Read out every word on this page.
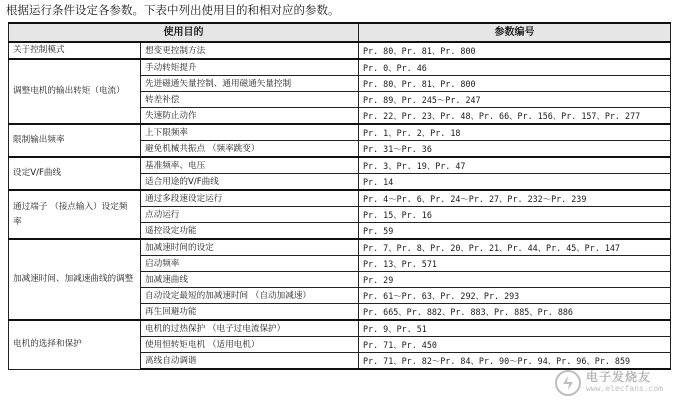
根据运行条件设定各参数。下表中列出使用目的和相对应的参数。
使用目的		参数编号
关于控制模式	想变更控制方法	Pr. 80、Pr. 81、Pr. 800
调整电机的输出转矩（电流）	手动转矩提升	Pr. 0、Pr. 46
	先进磁通矢量控制、通用磁通矢量控制	Pr. 80、Pr. 81、Pr. 800
	转差补偿	Pr. 89、Pr. 245～Pr. 247
	失速防止动作	Pr. 22、Pr. 23、Pr. 48、Pr. 66、Pr. 156、Pr. 157、Pr. 277
限制输出频率	上下限频率	Pr. 1、Pr. 2、Pr. 18
	避免机械共振点 （频率跳变）	Pr. 31～Pr. 36
设定V/F曲线	基准频率、电压	Pr. 3、Pr. 19、Pr. 47
	适合用途的V/F曲线	Pr. 14
通过端子 （接点输入）设定频率	通过多段速设定运行	Pr. 4～Pr. 6、Pr. 24～Pr. 27、Pr. 232～Pr. 239
	点动运行	Pr. 15、Pr. 16
	遥控设定功能	Pr. 59
加减速时间、加减速曲线的调整	加减速时间的设定	Pr. 7、Pr. 8、Pr. 20、Pr. 21、Pr. 44、Pr. 45、Pr. 147
	启动频率	Pr. 13、Pr. 571
	加减速曲线	Pr. 29
	自动设定最短的加减速时间 （自动加减速）	Pr. 61～Pr. 63、Pr. 292、Pr. 293
	再生回避功能	Pr. 665、Pr. 882、Pr. 883、Pr. 885、Pr. 886
电机的选择和保护	电机的过热保护 （电子过电流保护）	Pr. 9、Pr. 51
	使用恒转矩电机 （适用电机）	Pr. 71、Pr. 450
	离线自动调谐	Pr. 71、Pr. 82～Pr. 84、Pr. 90～Pr. 94、Pr. 96、Pr. 859
电子发烧友
www.elecfans.com
